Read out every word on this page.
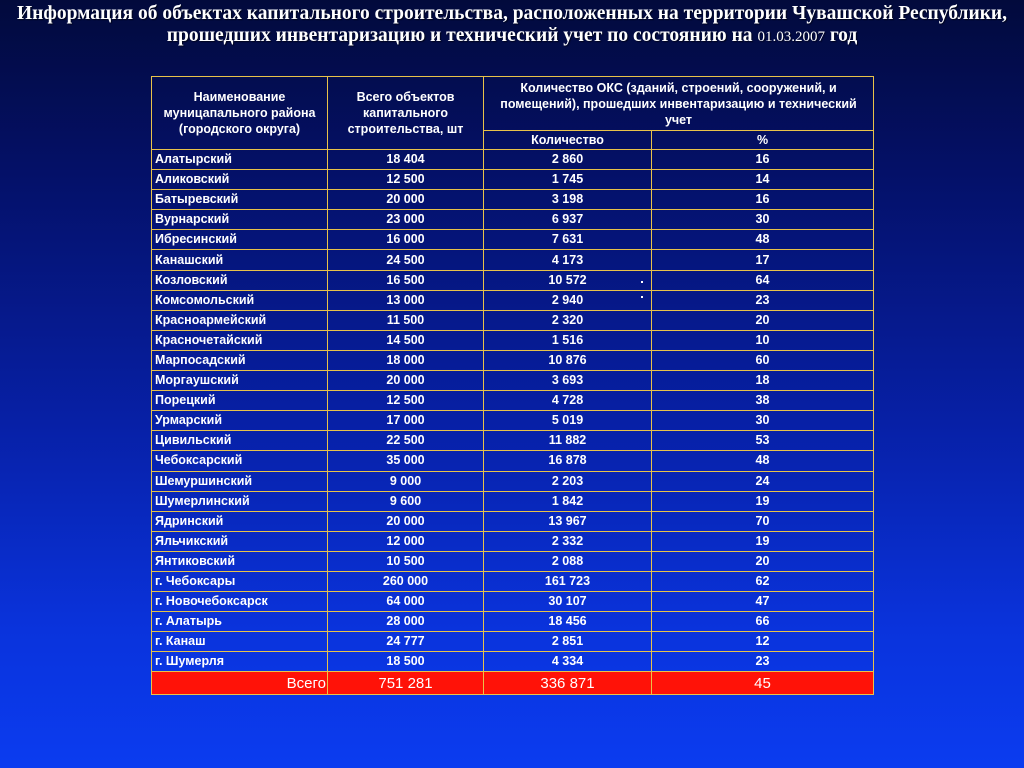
Информация об объектах капитального строительства, расположенных на территории Чувашской Республики,
прошедших инвентаризацию и технический учет по состоянию на 01.03.2007 год
Наименование муницапального района (городского округа)	Всего объектов капитального строительства, шт	Количество ОКС (зданий, строений, сооружений, и помещений), прошедших инвентаризацию и технический учет	
		Количество	%
Алатырский	18 404	2 860	16
Аликовский	12 500	1 745	14
Батыревский	20 000	3 198	16
Вурнарский	23 000	6 937	30
Ибресинский	16 000	7 631	48
Канашский	24 500	4 173	17
Козловский	16 500	10 572	64
Комсомольский	13 000	2 940	23
Красноармейский	11 500	2 320	20
Красночетайский	14 500	1 516	10
Марпосадский	18 000	10 876	60
Моргаушский	20 000	3 693	18
Порецкий	12 500	4 728	38
Урмарский	17 000	5 019	30
Цивильский	22 500	11 882	53
Чебоксарский	35 000	16 878	48
Шемуршинский	9 000	2 203	24
Шумерлинский	9 600	1 842	19
Ядринский	20 000	13 967	70
Яльчикский	12 000	2 332	19
Янтиковский	10 500	2 088	20
г. Чебоксары	260 000	161 723	62
г. Новочебоксарск	64 000	30 107	47
г. Алатырь	28 000	18 456	66
г. Канаш	24 777	2 851	12
г. Шумерля	18 500	4 334	23
Всего	751 281	336 871	45
